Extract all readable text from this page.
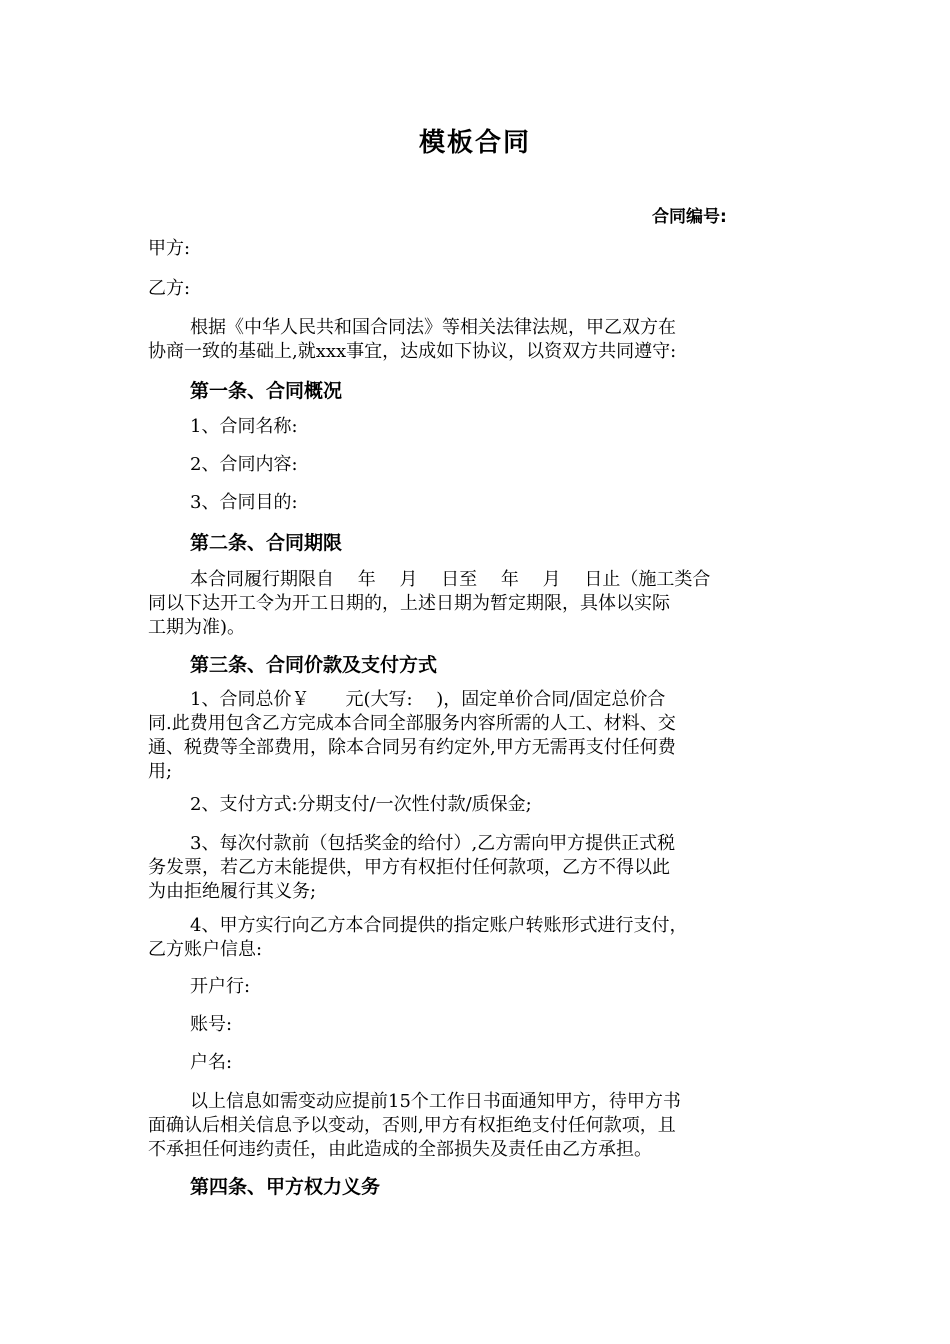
模板合同
合同编号:
甲方:
乙方:
根据《中华人民共和国合同法》等相关法律法规，甲乙双方在
协商一致的基础上,就xxx事宜，达成如下协议，以资双方共同遵守:
第一条、合同概况
1、合同名称:
2、合同内容:
3、合同目的:
第二条、合同期限
本合同履行期限自　 年　 月　 日至　 年　 月　 日止（施工类合
同以下达开工令为开工日期的，上述日期为暂定期限，具体以实际
工期为准)。
第三条、合同价款及支付方式
1、合同总价￥　　元(大写:　 )，固定单价合同/固定总价合
同.此费用包含乙方完成本合同全部服务内容所需的人工、材料、交
通、税费等全部费用，除本合同另有约定外,甲方无需再支付任何费
用;
2、支付方式:分期支付/一次性付款/质保金;
3、每次付款前（包括奖金的给付）,乙方需向甲方提供正式税
务发票，若乙方未能提供，甲方有权拒付任何款项，乙方不得以此
为由拒绝履行其义务;
4、甲方实行向乙方本合同提供的指定账户转账形式进行支付，
乙方账户信息:
开户行:
账号:
户名:
以上信息如需变动应提前15个工作日书面通知甲方，待甲方书
面确认后相关信息予以变动，否则,甲方有权拒绝支付任何款项，且
不承担任何违约责任，由此造成的全部损失及责任由乙方承担。
第四条、甲方权力义务
